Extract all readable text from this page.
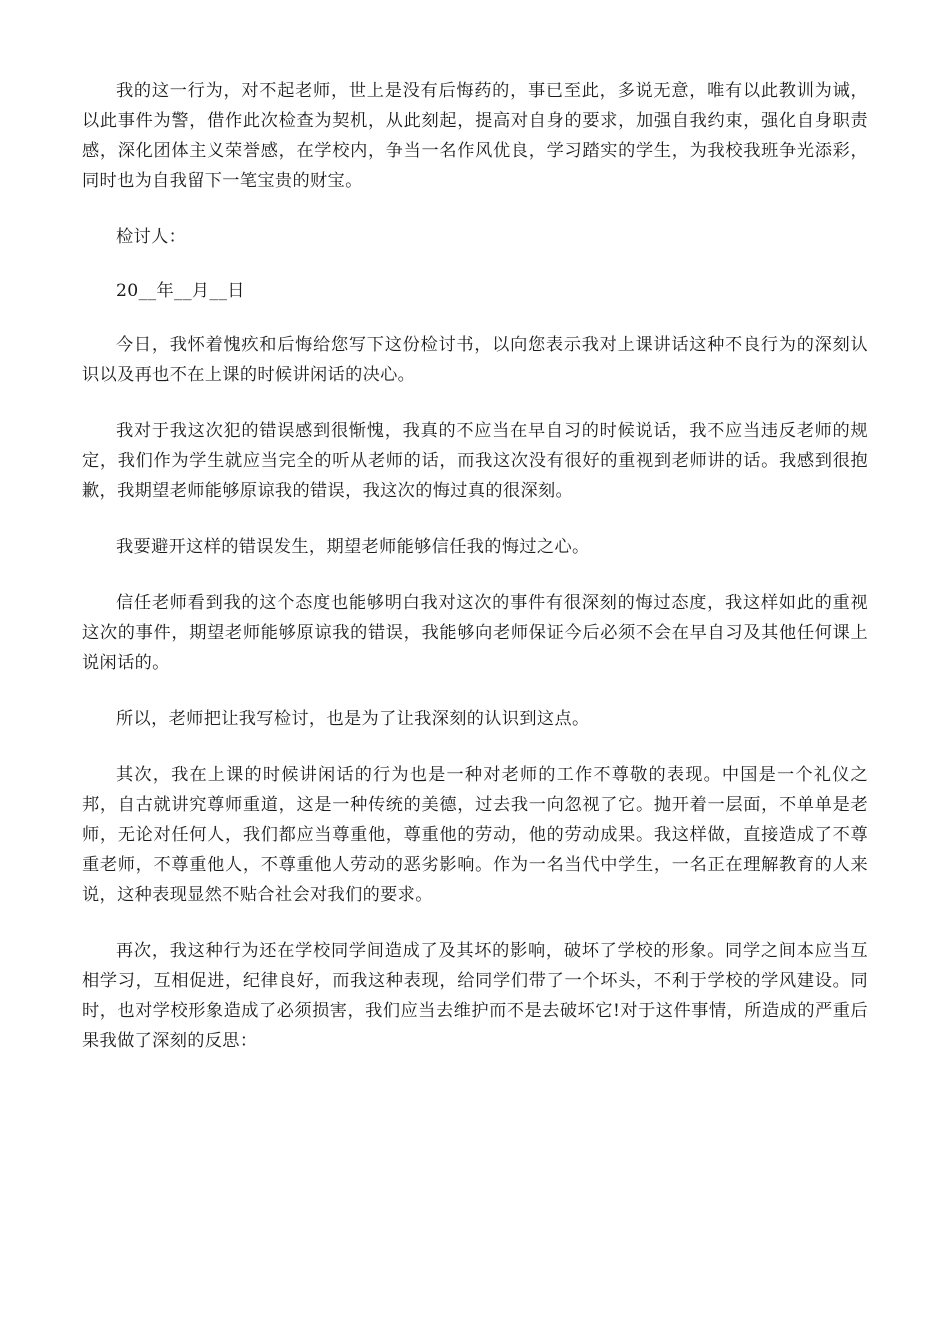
我的这一行为，对不起老师，世上是没有后悔药的，事已至此，多说无意，唯有以此教训为诫，以此事件为警，借作此次检查为契机，从此刻起，提高对自身的要求，加强自我约束，强化自身职责感，深化团体主义荣誉感，在学校内，争当一名作风优良，学习踏实的学生，为我校我班争光添彩，同时也为自我留下一笔宝贵的财宝。

检讨人：

20__年__月__日

今日，我怀着愧疚和后悔给您写下这份检讨书，以向您表示我对上课讲话这种不良行为的深刻认识以及再也不在上课的时候讲闲话的决心。

我对于我这次犯的错误感到很惭愧，我真的不应当在早自习的时候说话，我不应当违反老师的规定，我们作为学生就应当完全的听从老师的话，而我这次没有很好的重视到老师讲的话。我感到很抱歉，我期望老师能够原谅我的错误，我这次的悔过真的很深刻。

我要避开这样的错误发生，期望老师能够信任我的悔过之心。

信任老师看到我的这个态度也能够明白我对这次的事件有很深刻的悔过态度，我这样如此的重视这次的事件，期望老师能够原谅我的错误，我能够向老师保证今后必须不会在早自习及其他任何课上说闲话的。

所以，老师把让我写检讨，也是为了让我深刻的认识到这点。

其次，我在上课的时候讲闲话的行为也是一种对老师的工作不尊敬的表现。中国是一个礼仪之邦，自古就讲究尊师重道，这是一种传统的美德，过去我一向忽视了它。抛开着一层面，不单单是老师，无论对任何人，我们都应当尊重他，尊重他的劳动，他的劳动成果。我这样做，直接造成了不尊重老师，不尊重他人，不尊重他人劳动的恶劣影响。作为一名当代中学生，一名正在理解教育的人来说，这种表现显然不贴合社会对我们的要求。

再次，我这种行为还在学校同学间造成了及其坏的影响，破坏了学校的形象。同学之间本应当互相学习，互相促进，纪律良好，而我这种表现，给同学们带了一个坏头，不利于学校的学风建设。同时，也对学校形象造成了必须损害，我们应当去维护而不是去破坏它!对于这件事情，所造成的严重后果我做了深刻的反思：
